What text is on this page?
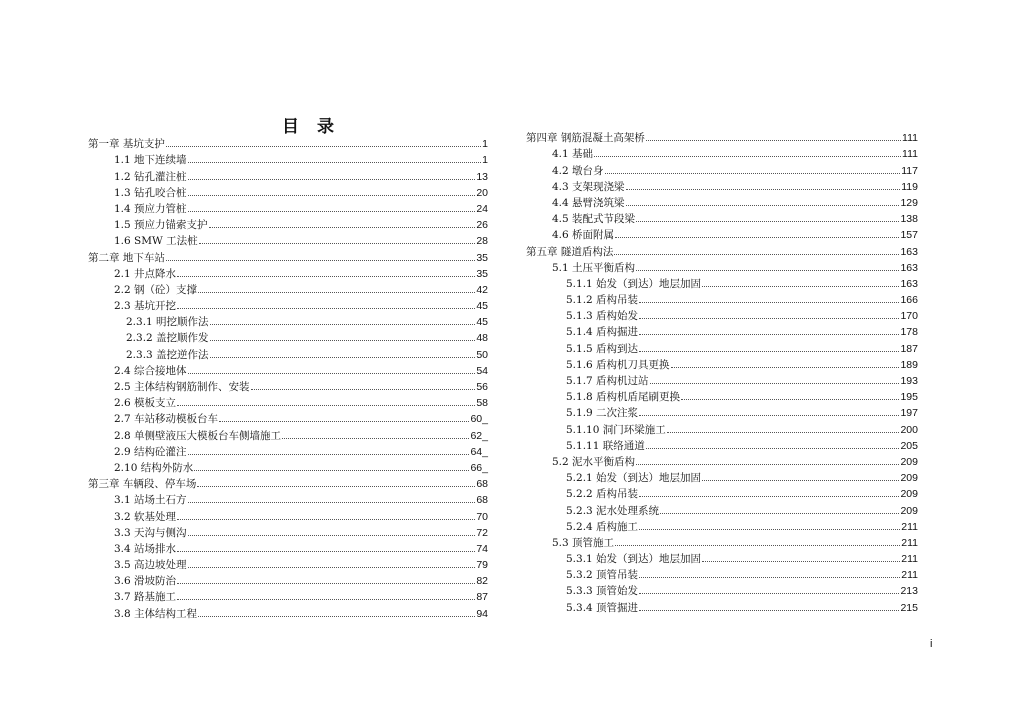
目 录
第一章 基坑支护	1
1.1 地下连续墙	1
1.2 钻孔灌注桩	13
1.3 钻孔咬合桩	20
1.4 预应力管桩	24
1.5 预应力锚索支护	26
1.6 SMW 工法桩	28
第二章 地下车站	35
2.1 井点降水	35
2.2 钢（砼）支撑	42
2.3 基坑开挖	45
2.3.1 明挖顺作法	45
2.3.2 盖挖顺作发	48
2.3.3 盖挖逆作法	50
2.4 综合接地体	54
2.5 主体结构钢筋制作、安装	56
2.6 模板支立	58
2.7 车站移动模板台车	60_
2.8 单侧壁液压大模板台车侧墙施工	62_
2.9 结构砼灌注	64_
2.10 结构外防水	66_
第三章 车辆段、停车场	68
3.1 站场土石方	68
3.2 软基处理	70
3.3 天沟与侧沟	72
3.4 站场排水	74
3.5 高边坡处理	79
3.6 滑坡防治	82
3.7 路基施工	87
3.8 主体结构工程	94
第四章 钢筋混凝土高架桥	111
4.1 基础	111
4.2 墩台身	117
4.3 支架现浇梁	119
4.4 悬臂浇筑梁	129
4.5 装配式节段梁	138
4.6 桥面附属	157
第五章 隧道盾构法	163
5.1 土压平衡盾构	163
5.1.1 始发（到达）地层加固	163
5.1.2 盾构吊装	166
5.1.3 盾构始发	170
5.1.4 盾构掘进	178
5.1.5 盾构到达	187
5.1.6 盾构机刀具更换	189
5.1.7 盾构机过站	193
5.1.8 盾构机盾尾刷更换	195
5.1.9 二次注浆	197
5.1.10 洞门环梁施工	200
5.1.11 联络通道	205
5.2 泥水平衡盾构	209
5.2.1 始发（到达）地层加固	209
5.2.2 盾构吊装	209
5.2.3 泥水处理系统	209
5.2.4 盾构施工	211
5.3 顶管施工	211
5.3.1 始发（到达）地层加固	211
5.3.2 顶管吊装	211
5.3.3 顶管始发	213
5.3.4 顶管掘进	215
i
